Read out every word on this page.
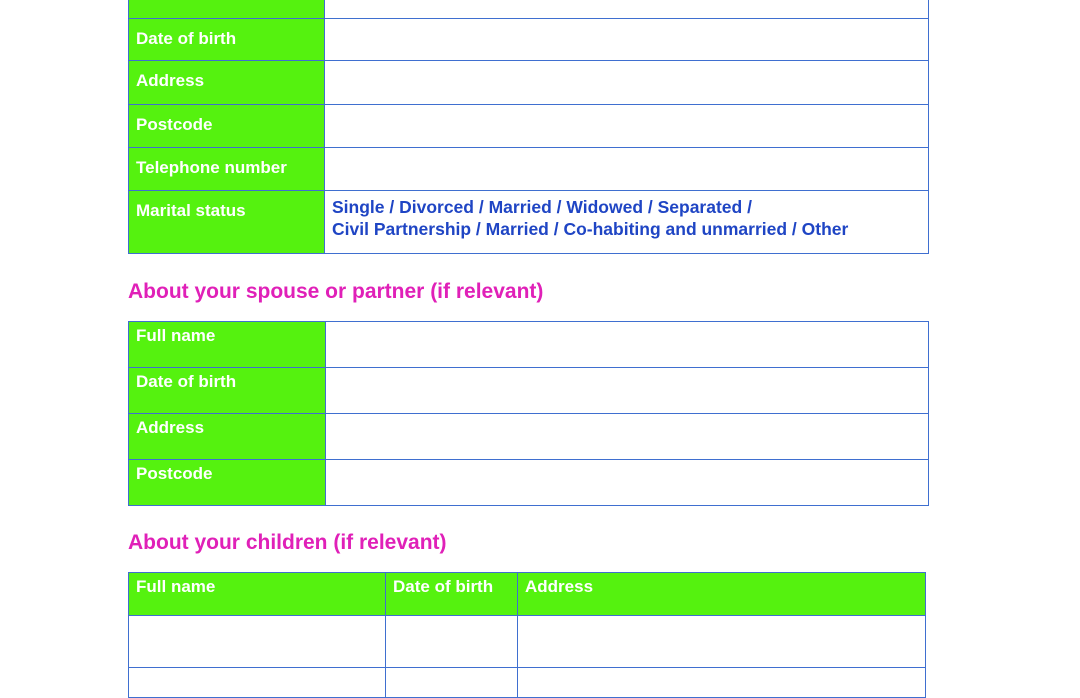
Date of birth	
Address	
Postcode	
Telephone number	
Marital status	Single / Divorced / Married / Widowed / Separated /
Civil Partnership / Married / Co-habiting and unmarried / Other
About your spouse or partner (if relevant)
Full name	
Date of birth	
Address	
Postcode	
About your children (if relevant)
Full name	Date of birth	Address
